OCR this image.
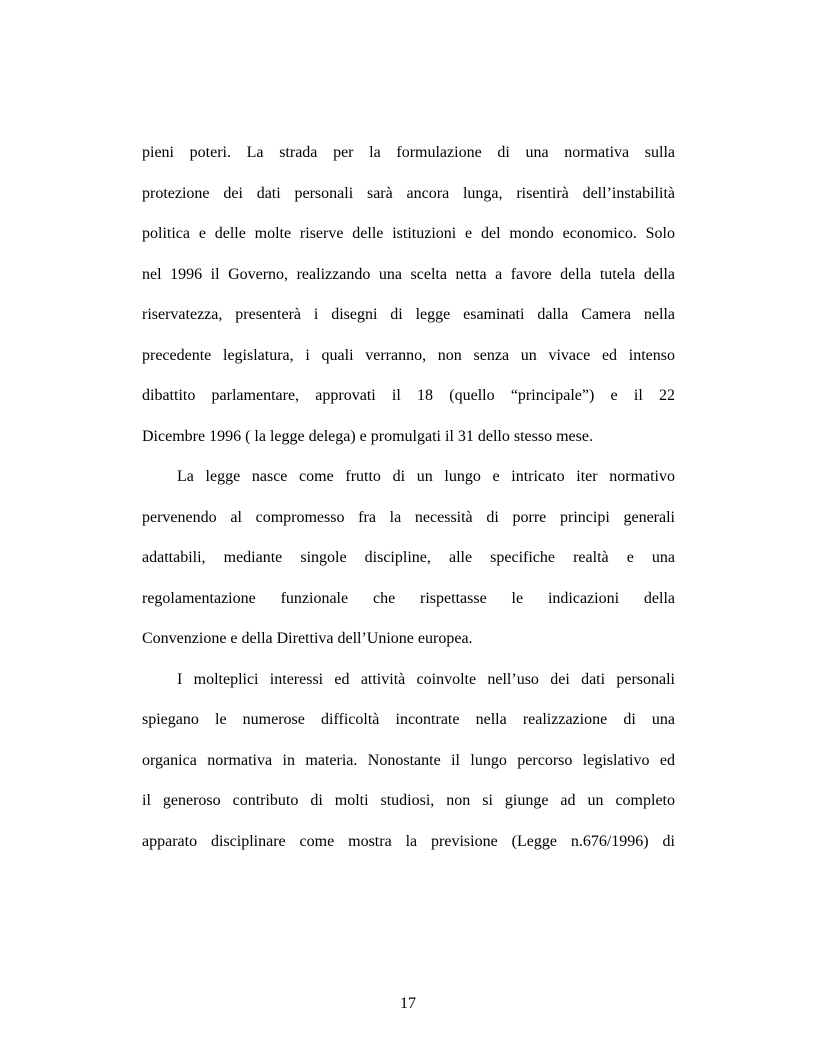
pieni poteri. La strada per la formulazione di una normativa sulla
protezione dei dati personali sarà ancora lunga, risentirà dell’instabilità
politica e delle molte riserve delle istituzioni e del mondo economico. Solo
nel 1996 il Governo, realizzando una scelta netta a favore della tutela della
riservatezza, presenterà i disegni di legge esaminati dalla Camera nella
precedente legislatura, i quali verranno, non senza un vivace ed intenso
dibattito parlamentare, approvati il 18 (quello “principale”) e il 22
Dicembre 1996 ( la legge delega) e promulgati il 31 dello stesso mese.
La legge nasce come frutto di un lungo e intricato iter normativo
pervenendo al compromesso fra la necessità di porre principi generali
adattabili, mediante singole discipline, alle specifiche realtà e una
regolamentazione funzionale che rispettasse le indicazioni della
Convenzione e della Direttiva dell’Unione europea.
I molteplici interessi ed attività coinvolte nell’uso dei dati personali
spiegano le numerose difficoltà incontrate nella realizzazione di una
organica normativa in materia. Nonostante il lungo percorso legislativo ed
il generoso contributo di molti studiosi, non si giunge ad un completo
apparato disciplinare come mostra la previsione (Legge n.676/1996) di
17
